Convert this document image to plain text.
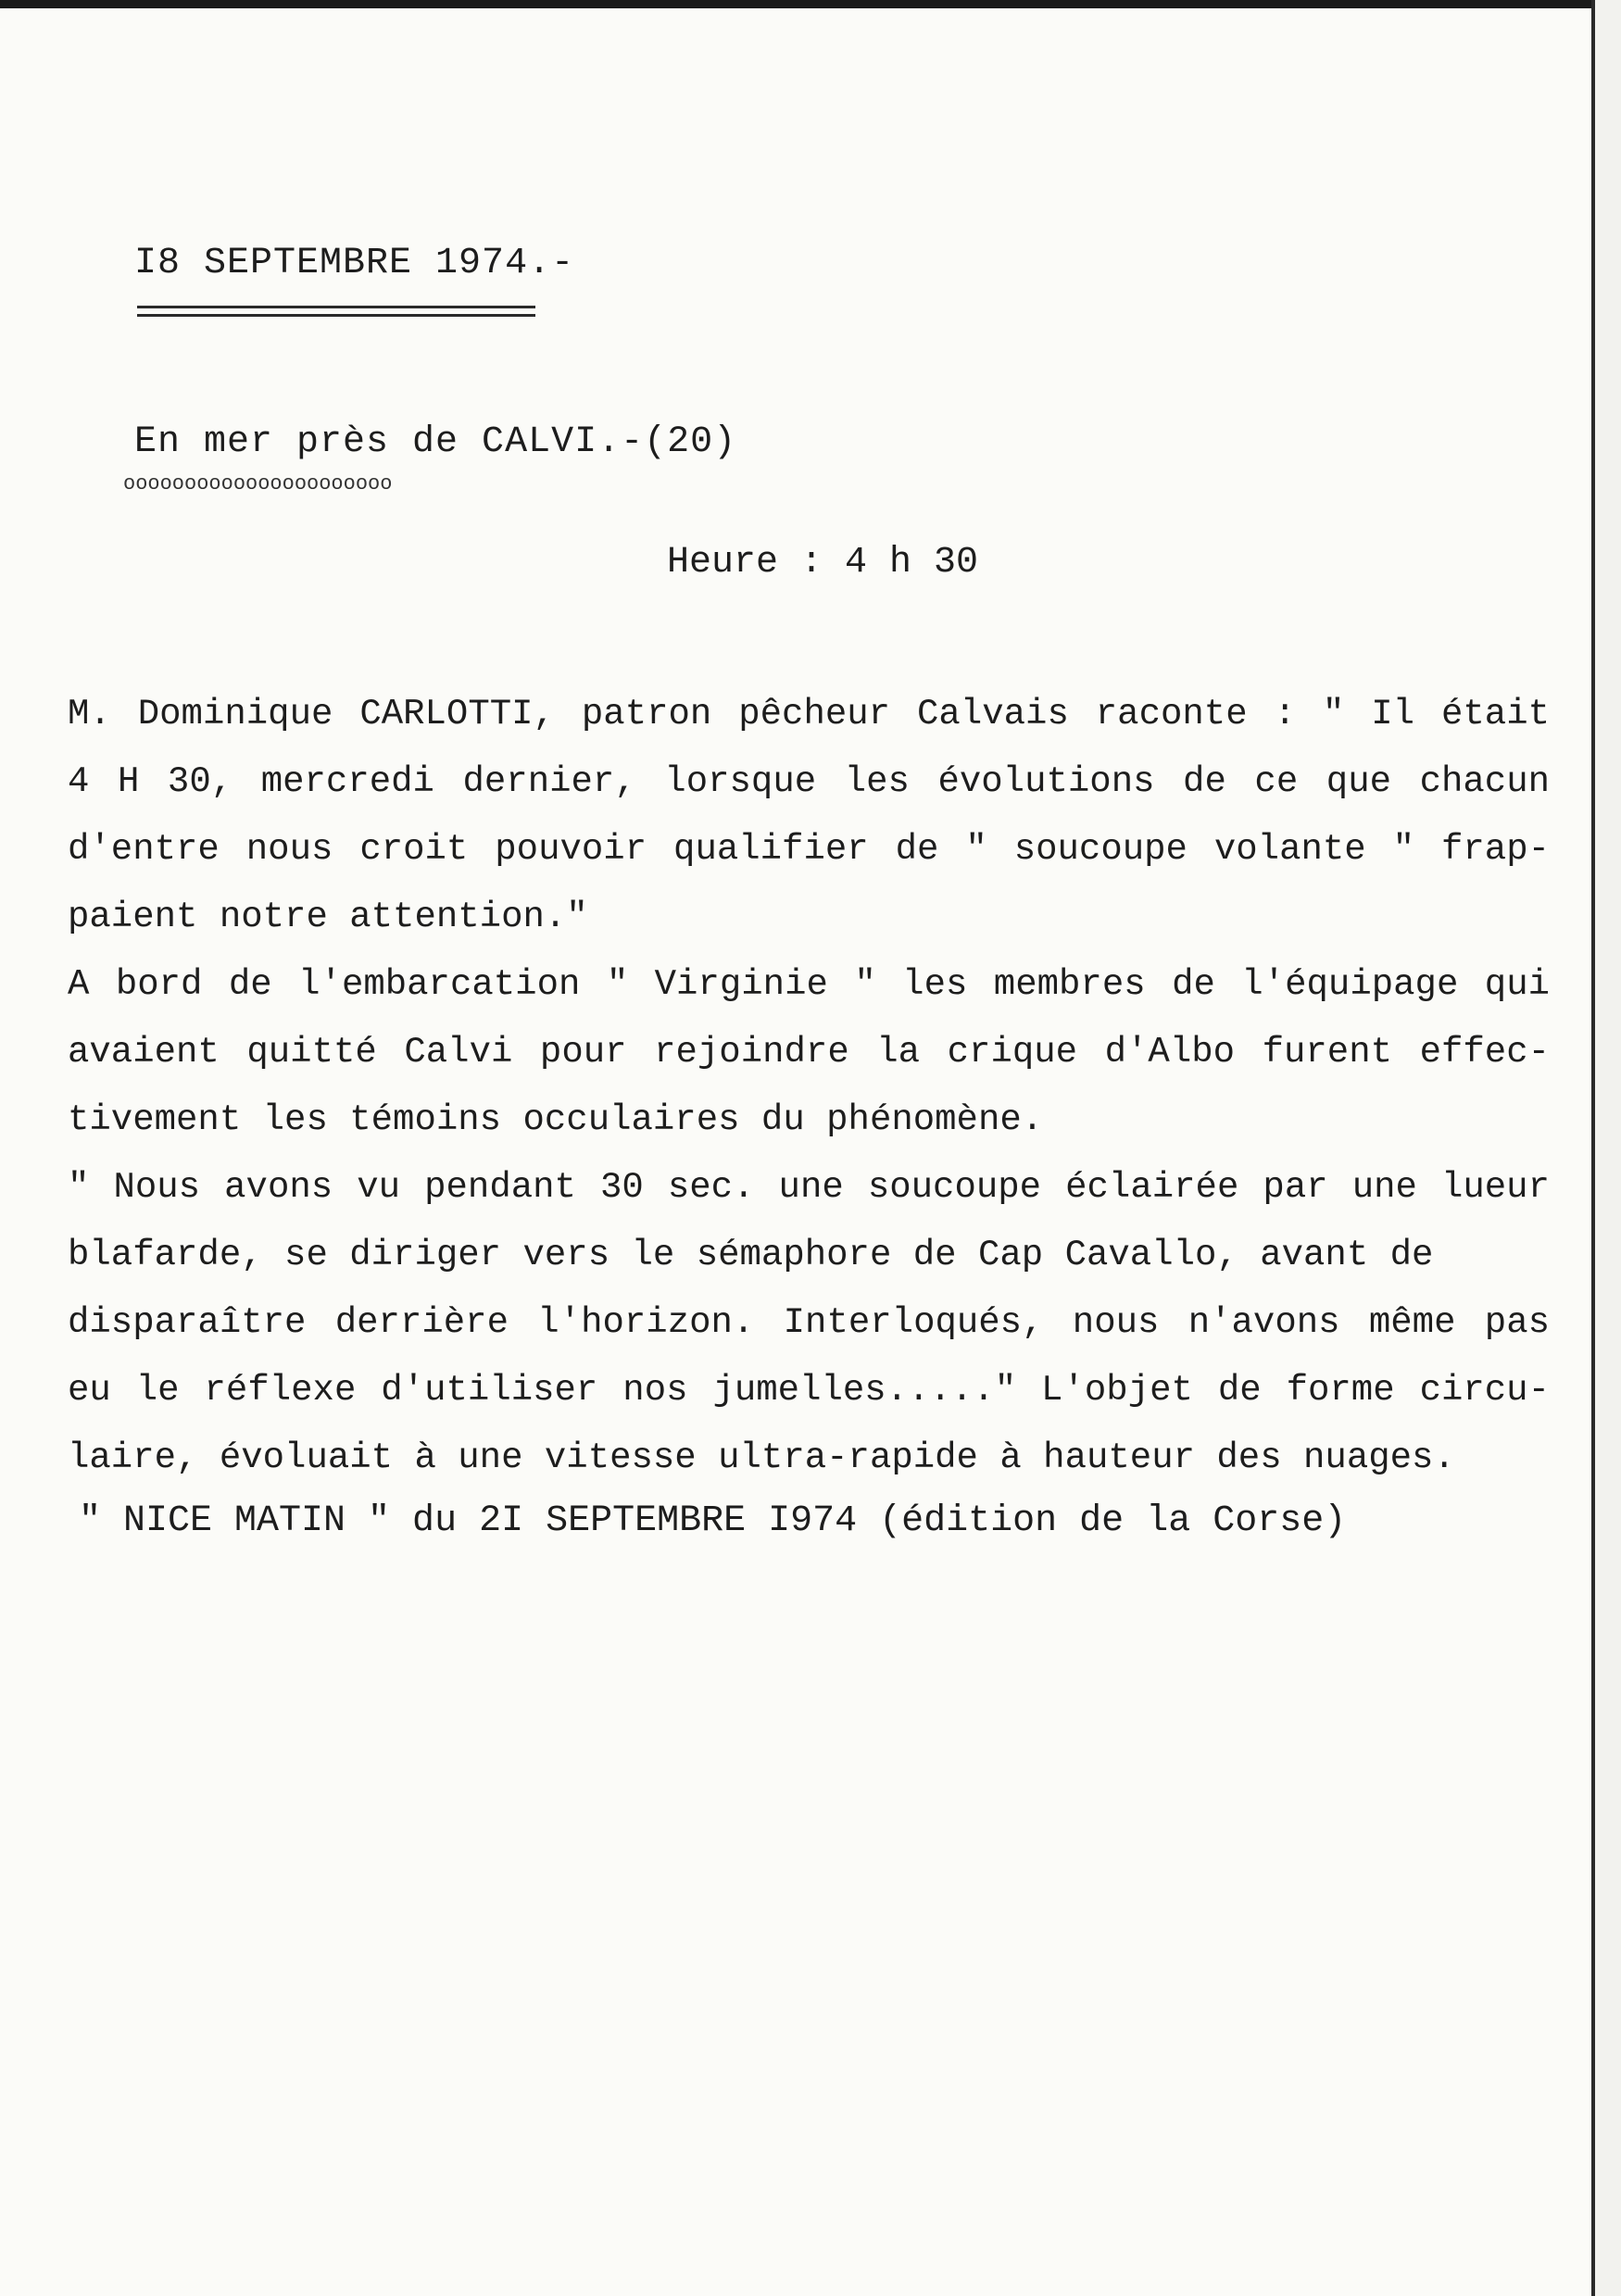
I8 SEPTEMBRE 1974.-
En mer près de CALVI.-(20)
oooooooooooooooooooooo
Heure : 4 h 30
M. Dominique CARLOTTI, patron pêcheur Calvais raconte : " Il était
4 H 30, mercredi dernier, lorsque les évolutions de ce que chacun
d'entre nous croit pouvoir qualifier de " soucoupe volante " frap-
paient notre attention."
A bord de l'embarcation " Virginie " les membres de l'équipage qui
avaient quitté Calvi pour rejoindre la crique d'Albo furent effec-
tivement les témoins occulaires du phénomène.
" Nous avons vu pendant 30 sec. une soucoupe éclairée par une lueur
blafarde, se diriger vers le sémaphore de Cap Cavallo, avant de
disparaître derrière l'horizon. Interloqués, nous n'avons même pas
eu le réflexe d'utiliser nos jumelles....." L'objet de forme circu-
laire, évoluait à une vitesse ultra-rapide à hauteur des nuages.
" NICE MATIN " du 2I SEPTEMBRE I974 (édition de la Corse)
